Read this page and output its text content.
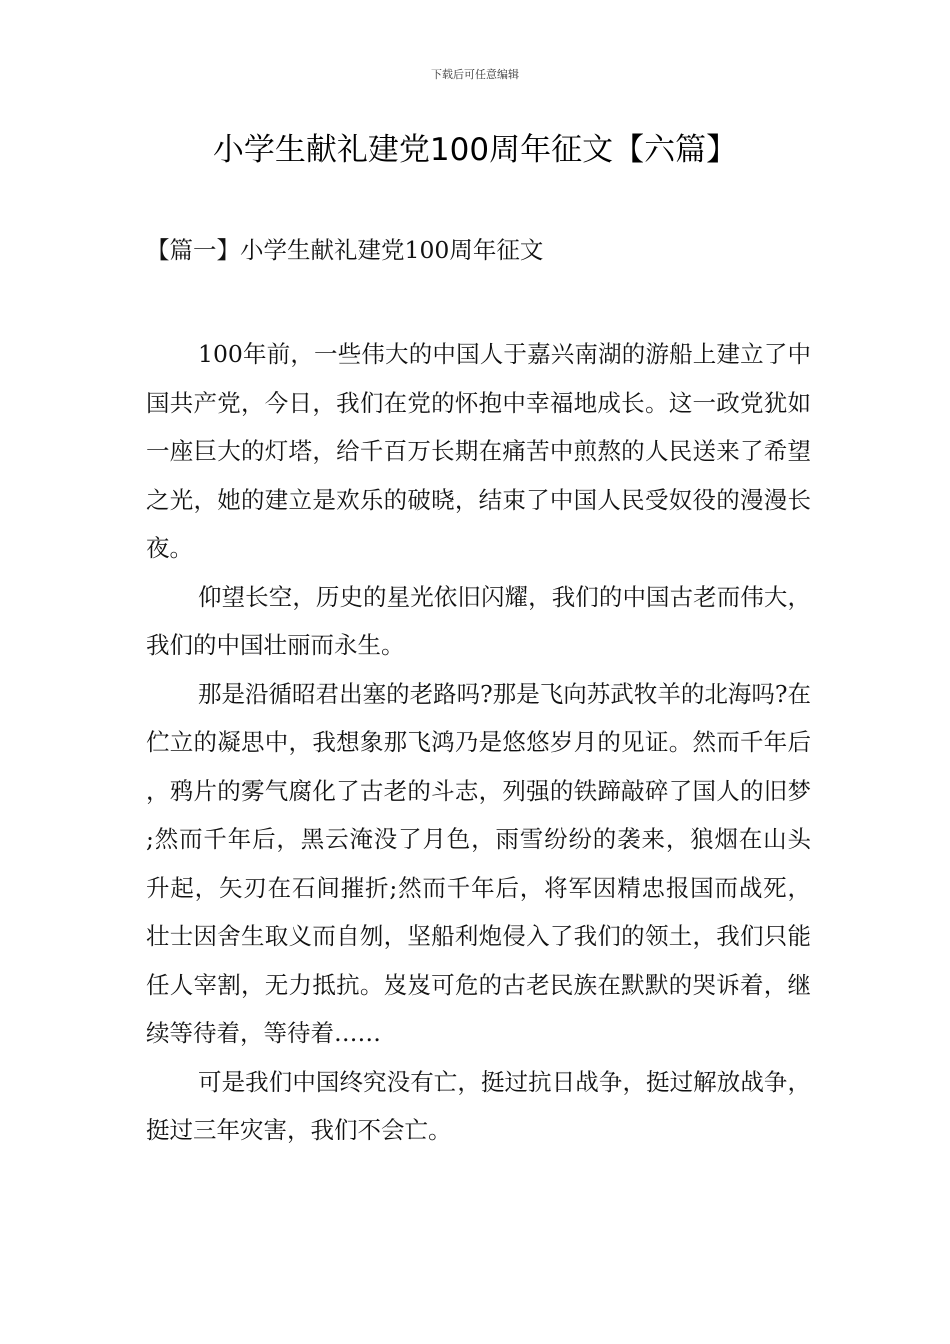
下载后可任意编辑
小学生献礼建党100周年征文【六篇】
【篇一】小学生献礼建党100周年征文

100年前，一些伟大的中国人于嘉兴南湖的游船上建立了中国共产党，今日，我们在党的怀抱中幸福地成长。这一政党犹如一座巨大的灯塔，给千百万长期在痛苦中煎熬的人民送来了希望之光，她的建立是欢乐的破晓，结束了中国人民受奴役的漫漫长夜。

仰望长空，历史的星光依旧闪耀，我们的中国古老而伟大，我们的中国壮丽而永生。

那是沿循昭君出塞的老路吗?那是飞向苏武牧羊的北海吗?在伫立的凝思中，我想象那飞鸿乃是悠悠岁月的见证。然而千年后，鸦片的雾气腐化了古老的斗志，列强的铁蹄敲碎了国人的旧梦;然而千年后，黑云淹没了月色，雨雪纷纷的袭来，狼烟在山头升起，矢刃在石间摧折;然而千年后，将军因精忠报国而战死，壮士因舍生取义而自刎，坚船利炮侵入了我们的领土，我们只能任人宰割，无力抵抗。岌岌可危的古老民族在默默的哭诉着，继续等待着，等待着……

可是我们中国终究没有亡，挺过抗日战争，挺过解放战争，挺过三年灾害，我们不会亡。
